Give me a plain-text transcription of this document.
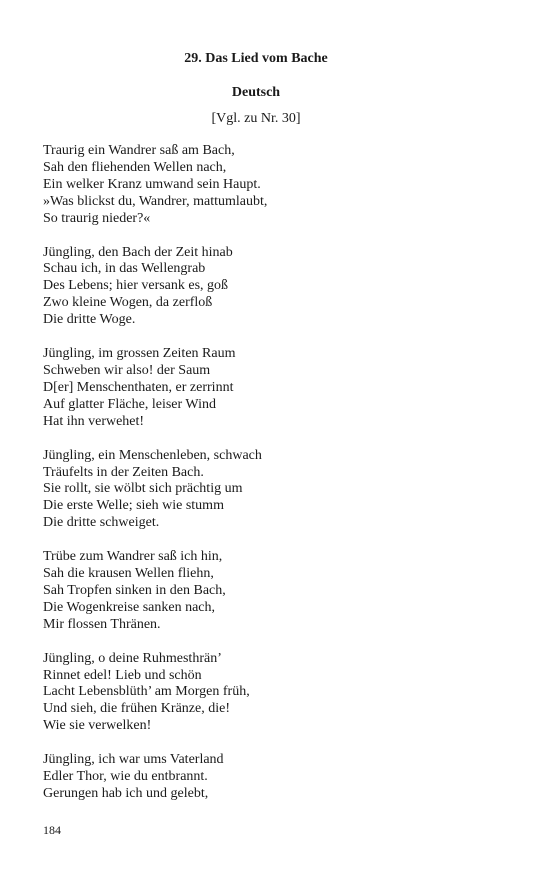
29. Das Lied vom Bache
Deutsch
[Vgl. zu Nr. 30]
Traurig ein Wandrer saß am Bach,
Sah den fliehenden Wellen nach,
Ein welker Kranz umwand sein Haupt.
»Was blickst du, Wandrer, mattumlaubt,
So traurig nieder?«
Jüngling, den Bach der Zeit hinab
Schau ich, in das Wellengrab
Des Lebens; hier versank es, goß
Zwo kleine Wogen, da zerfloß
Die dritte Woge.
Jüngling, im grossen Zeiten Raum
Schweben wir also! der Saum
D[er] Menschenthaten, er zerrinnt
Auf glatter Fläche, leiser Wind
Hat ihn verwehet!
Jüngling, ein Menschenleben, schwach
Träufelts in der Zeiten Bach.
Sie rollt, sie wölbt sich prächtig um
Die erste Welle; sieh wie stumm
Die dritte schweiget.
Trübe zum Wandrer saß ich hin,
Sah die krausen Wellen fliehn,
Sah Tropfen sinken in den Bach,
Die Wogenkreise sanken nach,
Mir flossen Thränen.
Jüngling, o deine Ruhmesthrän’
Rinnet edel! Lieb und schön
Lacht Lebensblüth’ am Morgen früh,
Und sieh, die frühen Kränze, die!
Wie sie verwelken!
Jüngling, ich war ums Vaterland
Edler Thor, wie du entbrannt.
Gerungen hab ich und gelebt,
184
